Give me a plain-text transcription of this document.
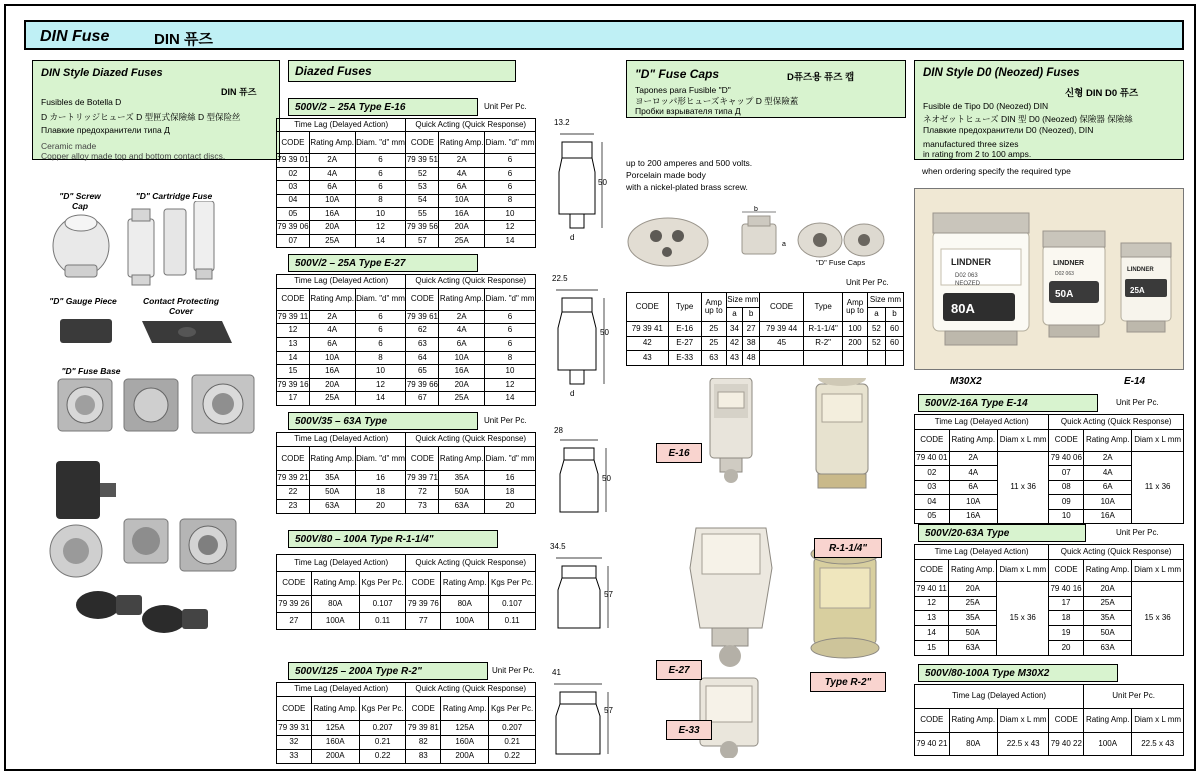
DIN Fuse	DIN 퓨즈
DIN Style Diazed Fuses
DIN 퓨즈
Fusibles de Botella D
D カートリッジヒューズ D 型匣式保險絲 D 型保险丝
Плавкие предохранители типа Д
Ceramic made
Copper alloy made top and bottom contact discs.
"D" Screw Cap
"D" Cartridge Fuse
"D" Gauge Piece	Contact Protecting Cover
"D" Fuse Base
Diazed Fuses
500V/2 – 25A Type E-16	Unit Per Pc.
Time Lag (Delayed Action)			Quick Acting (Quick Response)		
CODE	Rating Amp.	Diam. "d" mm	CODE	Rating Amp.	Diam. "d" mm
79 39 01	2A	6	79 39 51	2A	6
02	4A	6	52	4A	6
03	6A	6	53	6A	6
04	10A	8	54	10A	8
05	16A	10	55	16A	10
79 39 06	20A	12	79 39 56	20A	12
07	25A	14	57	25A	14
13.2
50
d
500V/2 – 25A Type E-27
Time Lag (Delayed Action)			Quick Acting (Quick Response)		
CODE	Rating Amp.	Diam. "d" mm	CODE	Rating Amp.	Diam. "d" mm
79 39 11	2A	6	79 39 61	2A	6
12	4A	6	62	4A	6
13	6A	6	63	6A	6
14	10A	8	64	10A	8
15	16A	10	65	16A	10
79 39 16	20A	12	79 39 66	20A	12
17	25A	14	67	25A	14
22.5
50
d
500V/35 – 63A Type	Unit Per Pc.
Time Lag (Delayed Action)			Quick Acting (Quick Response)		
CODE	Rating Amp.	Diam. "d" mm	CODE	Rating Amp.	Diam. "d" mm
79 39 21	35A	16	79 39 71	35A	16
22	50A	18	72	50A	18
23	63A	20	73	63A	20
28
50
500V/80 – 100A Type R-1-1/4"
Time Lag (Delayed Action)			Quick Acting (Quick Response)		
CODE	Rating Amp.	Kgs Per Pc.	CODE	Rating Amp.	Kgs Per Pc.
79 39 26	80A	0.107	79 39 76	80A	0.107
27	100A	0.11	77	100A	0.11
34.5
57
500V/125 – 200A Type R-2"	Unit Per Pc.
Time Lag (Delayed Action)			Quick Acting (Quick Response)		
CODE	Rating Amp.	Kgs Per Pc.	CODE	Rating Amp.	Kgs Per Pc.
79 39 31	125A	0.207	79 39 81	125A	0.207
32	160A	0.21	82	160A	0.21
33	200A	0.22	83	200A	0.22
41
57
"D" Fuse Caps	D퓨즈용 퓨즈 캡
Tapones para Fusible "D"
ヨーロッパ形ヒューズキャップ D 型保險蓋
Пробки взрывателя типа Д
up to 200 amperes and 500 volts.
Porcelain made body
with a nickel-plated brass screw.
b
a
"D" Fuse Caps
Unit Per Pc.
CODE	Type	Amp up to	Size mm		CODE	Type	Amp up to	Size mm	
			a	b				a	b
79 39 41	E-16	25	34	27	79 39 44	R-1-1/4"	100	52	60
42	E-27	25	42	38	45	R-2"	200	52	60
43	E-33	63	43	48					
E-16
E-27
E-33
R-1-1/4"
Type R-2"
DIN Style D0 (Neozed) Fuses
신형 DIN D0 퓨즈
Fusible de Tipo D0 (Neozed) DIN
ネオゼットヒューズ DIN 型 D0 (Neozed) 保險器 保險絲
Плавкие предохранители D0 (Neozed), DIN
manufactured three sizes
in rating from 2 to 100 amps.
when ordering specify the required type
LINDNER
D02 063
NEOZED
80A
LINDNER
D02 063
50A
LINDNER
25A
M30X2	E-14
500V/2-16A Type E-14	Unit Per Pc.
Time Lag (Delayed Action)			Quick Acting (Quick Response)		
CODE	Rating Amp.	Diam x L mm	CODE	Rating Amp.	Diam x L mm
79 40 01	2A	11 x 36	79 40 06	2A	11 x 36
02	4A		07	4A	
03	6A		08	6A	
04	10A		09	10A	
05	16A		10	16A	
500V/20-63A Type	Unit Per Pc.
Time Lag (Delayed Action)			Quick Acting (Quick Response)		
CODE	Rating Amp.	Diam x L mm	CODE	Rating Amp.	Diam x L mm
79 40 11	20A	15 x 36	79 40 16	20A	15 x 36
12	25A		17	25A	
13	35A		18	35A	
14	50A		19	50A	
15	63A		20	63A	
500V/80-100A Type M30X2
Time Lag (Delayed Action)				Unit Per Pc.	
CODE	Rating Amp.	Diam x L mm	CODE	Rating Amp.	Diam x L mm
79 40 21	80A	22.5 x 43	79 40 22	100A	22.5 x 43
